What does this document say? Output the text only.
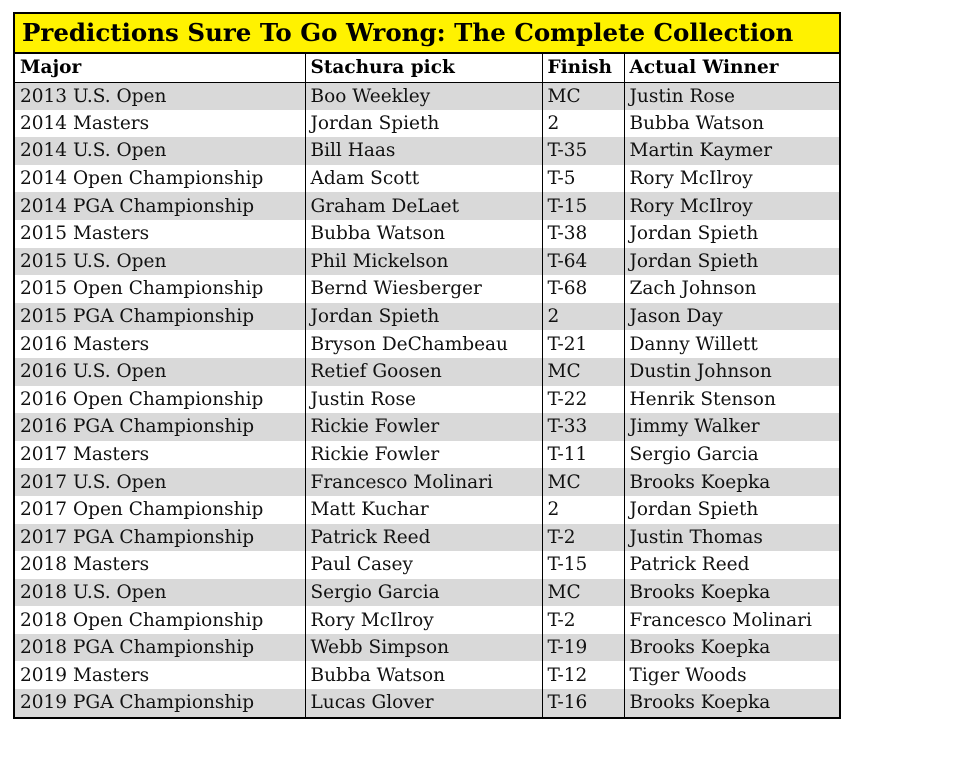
Predictions Sure To Go Wrong: The Complete Collection
Major	Stachura pick	Finish	Actual Winner
2013 U.S. Open	Boo Weekley	MC	Justin Rose
2014 Masters	Jordan Spieth	2	Bubba Watson
2014 U.S. Open	Bill Haas	T-35	Martin Kaymer
2014 Open Championship	Adam Scott	T-5	Rory McIlroy
2014 PGA Championship	Graham DeLaet	T-15	Rory McIlroy
2015 Masters	Bubba Watson	T-38	Jordan Spieth
2015 U.S. Open	Phil Mickelson	T-64	Jordan Spieth
2015 Open Championship	Bernd Wiesberger	T-68	Zach Johnson
2015 PGA Championship	Jordan Spieth	2	Jason Day
2016 Masters	Bryson DeChambeau	T-21	Danny Willett
2016 U.S. Open	Retief Goosen	MC	Dustin Johnson
2016 Open Championship	Justin Rose	T-22	Henrik Stenson
2016 PGA Championship	Rickie Fowler	T-33	Jimmy Walker
2017 Masters	Rickie Fowler	T-11	Sergio Garcia
2017 U.S. Open	Francesco Molinari	MC	Brooks Koepka
2017 Open Championship	Matt Kuchar	2	Jordan Spieth
2017 PGA Championship	Patrick Reed	T-2	Justin Thomas
2018 Masters	Paul Casey	T-15	Patrick Reed
2018 U.S. Open	Sergio Garcia	MC	Brooks Koepka
2018 Open Championship	Rory McIlroy	T-2	Francesco Molinari
2018 PGA Championship	Webb Simpson	T-19	Brooks Koepka
2019 Masters	Bubba Watson	T-12	Tiger Woods
2019 PGA Championship	Lucas Glover	T-16	Brooks Koepka
